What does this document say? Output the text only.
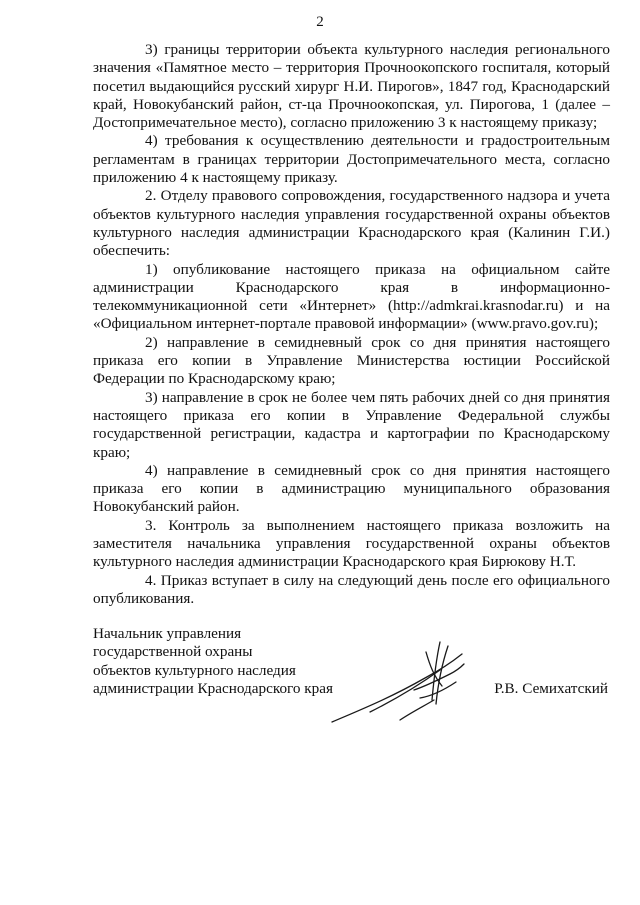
2

3) границы территории объекта культурного наследия регионального значения «Памятное место – территория Прочноокопского госпиталя, который посетил выдающийся русский хирург Н.И. Пирогов», 1847 год, Краснодарский край, Новокубанский район, ст-ца Прочноокопская, ул. Пирогова, 1 (далее – Достопримечательное место), согласно приложению 3 к настоящему приказу;

4) требования к осуществлению деятельности и градостроительным регламентам в границах территории Достопримечательного места, согласно приложению 4 к настоящему приказу.

2. Отделу правового сопровождения, государственного надзора и учета объектов культурного наследия управления государственной охраны объектов культурного наследия администрации Краснодарского края (Калинин Г.И.) обеспечить:

1) опубликование настоящего приказа на официальном сайте администрации Краснодарского края в информационно-телекоммуникационной сети «Интернет» (http://admkrai.krasnodar.ru) и на «Официальном интернет-портале правовой информации» (www.pravo.gov.ru);

2) направление в семидневный срок со дня принятия настоящего приказа его копии в Управление Министерства юстиции Российской Федерации по Краснодарскому краю;

3) направление в срок не более чем пять рабочих дней со дня принятия настоящего приказа его копии в Управление Федеральной службы государственной регистрации, кадастра и картографии по Краснодарскому краю;

4) направление в семидневный срок со дня принятия настоящего приказа его копии в администрацию муниципального образования Новокубанский район.

3. Контроль за выполнением настоящего приказа возложить на заместителя начальника управления государственной охраны объектов культурного наследия администрации Краснодарского края Бирюкову Н.Т.

4. Приказ вступает в силу на следующий день после его официального опубликования.

Начальник управления
государственной охраны
объектов культурного наследия
администрации Краснодарского края	Р.В. Семихатский
